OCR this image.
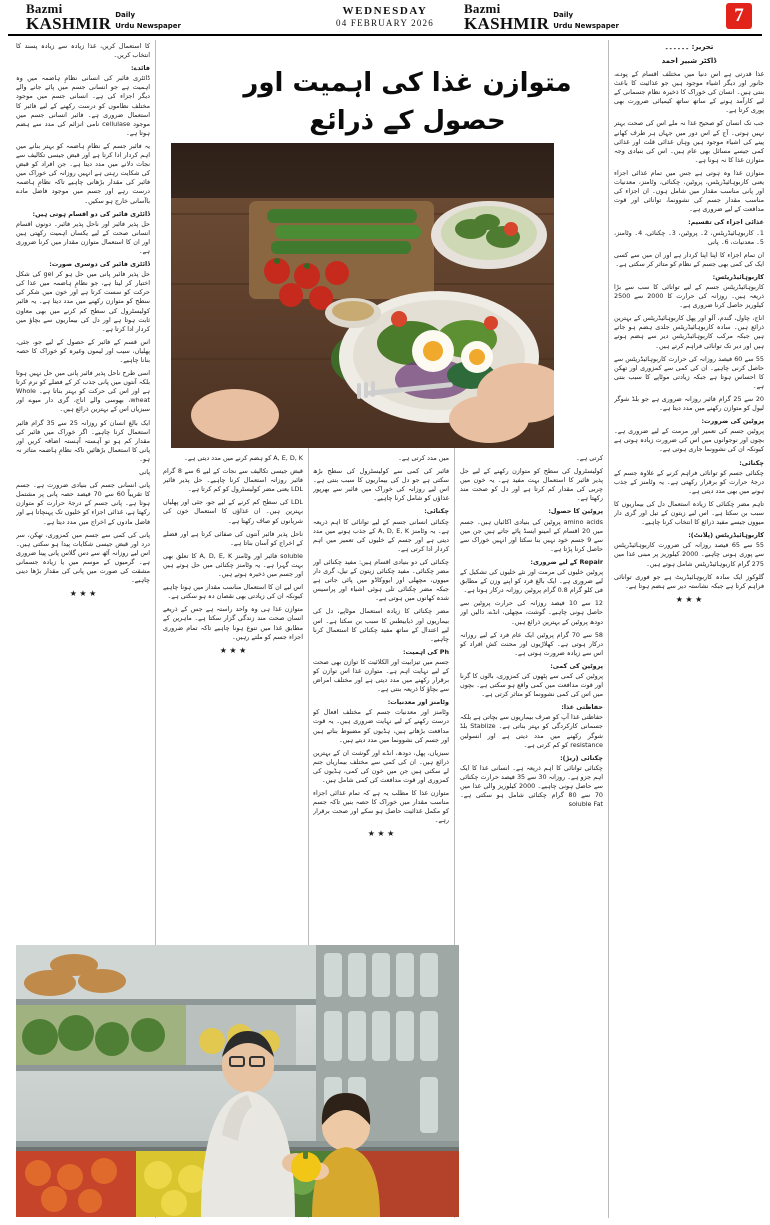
Bazmi
KASHMIR Daily
Urdu Newspaper
WEDNESDAY
04 FEBRUARY 2026
Bazmi
KASHMIR Daily
Urdu Newspaper	7
متوازن غذا کی اہمیت اور حصول کے ذرائع

کا استعمال کریں، غذا زیادہ سے زیادہ پسند کا انتخاب کریں۔

فائدے:

ڈائٹری فائبر کی انسانی نظامِ ہاضمہ میں وہ اہمیت ہے جو انسانی جسم میں پائے جانے والے دیگر اجزاء کی ہے۔ انسانی جسم میں موجود مختلف نظاموں کو درست رکھنے کے لیے فائبر کا استعمال ضروری ہے۔ فائبر انسانی جسم میں موجود cellulase نامی انزائم کی مدد سے ہضم ہوتا ہے۔

یہ فائبر جسم کے نظامِ ہاضمہ کو بہتر بنانے میں اہم کردار ادا کرتا ہے اور قبض جیسی تکالیف سے نجات دلانے میں مدد دیتا ہے۔ جن افراد کو قبض کی شکایت رہتی ہے انہیں روزانہ کی خوراک میں فائبر کی مقدار بڑھانی چاہیے تاکہ نظامِ ہاضمہ درست رہے اور جسم میں موجود فاضل مادے باآسانی خارج ہو سکیں۔

ڈائٹری فائبر کی دو اقسام ہوتی ہیں:

حل پذیر فائبر اور ناحل پذیر فائبر۔ دونوں اقسام انسانی صحت کے لیے یکساں اہمیت رکھتی ہیں اور ان کا استعمال متوازن مقدار میں کرنا ضروری ہے۔

ڈائٹری فائبر کی دوسری صورت:

حل پذیر فائبر پانی میں حل ہو کر gel کی شکل اختیار کر لیتا ہے، جو نظامِ ہاضمہ میں غذا کی حرکت کو سست کرتا ہے اور خون میں شکر کی سطح کو متوازن رکھنے میں مدد دیتا ہے۔ یہ فائبر کولیسٹرول کی سطح کم کرنے میں بھی معاون ثابت ہوتا ہے اور دل کی بیماریوں سے بچاؤ میں کردار ادا کرتا ہے۔

اس قسم کے فائبر کے حصول کے لیے جو، جئی، پھلیاں، سیب اور لیموں وغیرہ کو خوراک کا حصہ بنانا چاہیے۔

اسی طرح ناحل پذیر فائبر پانی میں حل نہیں ہوتا بلکہ آنتوں میں پانی جذب کر کے فضلے کو نرم کرتا ہے اور اس کی حرکت کو بہتر بناتا ہے۔ Whole wheat، بھوسی والے اناج، گری دار میوے اور سبزیاں اس کے بہترین ذرائع ہیں۔

ایک بالغ انسان کو روزانہ 25 سے 35 گرام فائبر استعمال کرنا چاہیے۔ اگر خوراک میں فائبر کی مقدار کم ہو تو آہستہ آہستہ اضافہ کریں اور پانی کا استعمال بڑھائیں تاکہ نظامِ ہاضمہ متاثر نہ ہو۔

پانی

پانی انسانی جسم کی بنیادی ضرورت ہے۔ جسم کا تقریباً 60 سے 70 فیصد حصہ پانی پر مشتمل ہوتا ہے۔ پانی جسم کے درجۂ حرارت کو متوازن رکھتا ہے، غذائی اجزاء کو خلیوں تک پہنچاتا ہے اور فاضل مادوں کے اخراج میں مدد دیتا ہے۔

پانی کی کمی سے جسم میں کمزوری، تھکن، سر درد اور قبض جیسی شکایات پیدا ہو سکتی ہیں۔ اس لیے روزانہ آٹھ سے دس گلاس پانی پینا ضروری ہے۔ گرمیوں کے موسم میں یا زیادہ جسمانی مشقت کی صورت میں پانی کی مقدار بڑھا دینی چاہیے۔

★ ★ ★

میں مدد کرتی ہے۔

فائبر کی کمی سے کولیسٹرول کی سطح بڑھ سکتی ہے جو دل کی بیماریوں کا سبب بنتی ہے۔ اس لیے روزانہ کی خوراک میں فائبر سے بھرپور غذاؤں کو شامل کرنا چاہیے۔

چکنائی:

چکنائی انسانی جسم کے لیے توانائی کا اہم ذریعہ ہے۔ یہ وٹامنز A, D, E, K کے جذب ہونے میں مدد دیتی ہے اور جسم کے خلیوں کی تعمیر میں اہم کردار ادا کرتی ہے۔

چکنائی کی دو بنیادی اقسام ہیں: مفید چکنائی اور مضر چکنائی۔ مفید چکنائی زیتون کے تیل، گری دار میووں، مچھلی اور ایووکاڈو میں پائی جاتی ہے جبکہ مضر چکنائی تلی ہوئی اشیاء اور پراسیس شدہ کھانوں میں ہوتی ہے۔

مضر چکنائی کا زیادہ استعمال موٹاپے، دل کی بیماریوں اور ذیابیطس کا سبب بن سکتا ہے۔ اس لیے اعتدال کے ساتھ مفید چکنائی کا استعمال کرنا چاہیے۔

Ph کی اہمیت:

جسم میں تیزابیت اور الکلائیت کا توازن بھی صحت کے لیے نہایت اہم ہے۔ متوازن غذا اس توازن کو برقرار رکھنے میں مدد دیتی ہے اور مختلف امراض سے بچاؤ کا ذریعہ بنتی ہے۔

وٹامنز اور معدنیات:

وٹامنز اور معدنیات جسم کے مختلف افعال کو درست رکھنے کے لیے نہایت ضروری ہیں۔ یہ قوت مدافعت بڑھاتے ہیں، ہڈیوں کو مضبوط بناتے ہیں اور جسم کی نشوونما میں مدد دیتے ہیں۔

سبزیاں، پھل، دودھ، انڈے اور گوشت ان کے بہترین ذرائع ہیں۔ ان کی کمی سے مختلف بیماریاں جنم لے سکتی ہیں جن میں خون کی کمی، ہڈیوں کی کمزوری اور قوت مدافعت کی کمی شامل ہیں۔

متوازن غذا کا مطلب یہ ہے کہ تمام غذائی اجزاء مناسب مقدار میں خوراک کا حصہ بنیں تاکہ جسم کو مکمل غذائیت حاصل ہو سکے اور صحت برقرار رہے۔

★ ★ ★

A, E, D, K کو ہضم کرنے میں مدد دیتی ہے۔

قبض جیسی تکالیف سے نجات کے لیے 6 سے 8 گرام فائبر روزانہ استعمال کرنا چاہیے۔ حل پذیر فائبر LDL یعنی مضر کولیسٹرول کو کم کرتا ہے۔

LDL کی سطح کم کرنے کے لیے جو، جئی اور پھلیاں بہترین ہیں۔ ان غذاؤں کا استعمال خون کی شریانوں کو صاف رکھتا ہے۔

ناحل پذیر فائبر آنتوں کی صفائی کرتا ہے اور فضلے کے اخراج کو آسان بناتا ہے۔

soluble فائبر اور وٹامنز A, D, E, K کا تعلق بھی بہت گہرا ہے۔ یہ وٹامنز چکنائی میں حل ہوتے ہیں اور جسم میں ذخیرہ ہوتے ہیں۔

اس لیے ان کا استعمال مناسب مقدار میں ہونا چاہیے کیونکہ ان کی زیادتی بھی نقصان دہ ہو سکتی ہے۔

متوازن غذا ہی وہ واحد راستہ ہے جس کے ذریعے انسان صحت مند زندگی گزار سکتا ہے۔ ماہرین کے مطابق غذا میں تنوع ہونا چاہیے تاکہ تمام ضروری اجزاء جسم کو ملتے رہیں۔

★ ★ ★

کرتی ہے۔

کولیسٹرول کی سطح کو متوازن رکھنے کے لیے حل پذیر فائبر کا استعمال بہت مفید ہے۔ یہ خون میں چربی کی مقدار کم کرتا ہے اور دل کو صحت مند رکھتا ہے۔

پروٹین کا حصول:

amino acids پروٹین کی بنیادی اکائیاں ہیں۔ جسم میں 20 اقسام کے امینو ایسڈ پائے جاتے ہیں جن میں سے 9 جسم خود نہیں بنا سکتا اور انہیں خوراک سے حاصل کرنا پڑتا ہے۔

Repair کے لیے ضروری:

پروٹین خلیوں کی مرمت اور نئے خلیوں کی تشکیل کے لیے ضروری ہے۔ ایک بالغ فرد کو اپنے وزن کے مطابق فی کلو گرام 0.8 گرام پروٹین روزانہ درکار ہوتا ہے۔

12 سے 10 فیصد روزانہ کی حرارت پروٹین سے حاصل ہونی چاہیے۔ گوشت، مچھلی، انڈے، دالیں اور دودھ پروٹین کے بہترین ذرائع ہیں۔

58 سے 70 گرام پروٹین ایک عام فرد کے لیے روزانہ درکار ہوتی ہے۔ کھلاڑیوں اور محنت کش افراد کو اس سے زیادہ ضرورت ہوتی ہے۔

پروٹین کی کمی:

پروٹین کی کمی سے پٹھوں کی کمزوری، بالوں کا گرنا اور قوت مدافعت میں کمی واقع ہو سکتی ہے۔ بچوں میں اس کی کمی نشوونما کو متاثر کرتی ہے۔

حفاظتی غذا:

حفاظتی غذا آپ کو صرف بیماریوں سے بچاتی ہے بلکہ جسمانی کارکردگی کو بہتر بناتی ہے۔ Stablize بلڈ شوگر رکھنے میں مدد دیتی ہے اور انسولین resistance کو کم کرتی ہے۔

چکنائی (ربڑ):

چکنائی توانائی کا اہم ذریعہ ہے۔ انسانی غذا کا ایک اہم جزو ہے۔ روزانہ 30 سے 35 فیصد حرارت چکنائی سے حاصل ہونی چاہیے۔ 2000 کیلوریز والی غذا میں 70 سے 80 گرام چکنائی شامل ہو سکتی ہے۔ soluble Fat

تحریر: ۔۔۔۔۔۔

ڈاکٹر شبیر احمد

غذا قدرتی ہے اس دنیا میں مختلف اقسام کے پودے، جانور اور دیگر اشیاء موجود ہیں جو غذائیت کا باعث بنتی ہیں۔ انسان کی خوراک کا ذخیرہ نظام جسمانی کے لیے کارآمد ہونے کے ساتھ ساتھ کیمیائی ضرورت بھی پوری کرتا ہے۔

جب تک انسان کو صحیح غذا نہ ملے اس کی صحت بہتر نہیں ہوتی۔ آج کے اس دور میں جہاں ہر طرف کھانے پینے کی اشیاء موجود ہیں وہاں غذائی قلت اور غذائی کمی جیسے مسائل بھی عام ہیں۔ اس کی بنیادی وجہ متوازن غذا کا نہ ہونا ہے۔

متوازن غذا وہ ہوتی ہے جس میں تمام غذائی اجزاء یعنی کاربوہائیڈریٹس، پروٹین، چکنائی، وٹامنز، معدنیات اور پانی مناسب مقدار میں شامل ہوں۔ ان اجزاء کی مناسب مقدار جسم کی نشوونما، توانائی اور قوت مدافعت کے لیے ضروری ہے۔

غذائی اجزاء کی تقسیم:

1۔ کاربوہائیڈریٹس، 2۔ پروٹین، 3۔ چکنائی، 4۔ وٹامنز، 5۔ معدنیات، 6۔ پانی

ان تمام اجزاء کا اپنا اپنا کردار ہے اور ان میں سے کسی ایک کی کمی بھی جسم کے نظام کو متاثر کر سکتی ہے۔

کاربوہائیڈریٹس:

کاربوہائیڈریٹس جسم کے لیے توانائی کا سب سے بڑا ذریعہ ہیں۔ روزانہ کی حرارت کا 2000 سے 2500 کیلوریز حاصل کرنا ضروری ہے۔

اناج، چاول، گندم، آلو اور پھل کاربوہائیڈریٹس کے بہترین ذرائع ہیں۔ سادہ کاربوہائیڈریٹس جلدی ہضم ہو جاتے ہیں جبکہ مرکب کاربوہائیڈریٹس دیر سے ہضم ہوتے ہیں اور دیر تک توانائی فراہم کرتے ہیں۔

55 سے 60 فیصد روزانہ کی حرارت کاربوہائیڈریٹس سے حاصل کرنی چاہیے۔ ان کی کمی سے کمزوری اور تھکن کا احساس ہوتا ہے جبکہ زیادتی موٹاپے کا سبب بنتی ہے۔

20 سے 25 گرام فائبر روزانہ ضروری ہے جو بلڈ شوگر لیول کو متوازن رکھنے میں مدد دیتا ہے۔

پروٹین کی ضرورت:

پروٹین جسم کی تعمیر اور مرمت کے لیے ضروری ہے۔ بچوں اور نوجوانوں میں اس کی ضرورت زیادہ ہوتی ہے کیونکہ ان کی نشوونما جاری ہوتی ہے۔

چکنائی:

چکنائی جسم کو توانائی فراہم کرنے کے علاوہ جسم کے درجۂ حرارت کو برقرار رکھتی ہے۔ یہ وٹامنز کے جذب ہونے میں بھی مدد دیتی ہے۔

تاہم مضر چکنائی کا زیادہ استعمال دل کی بیماریوں کا سبب بن سکتا ہے۔ اس لیے زیتون کے تیل اور گری دار میووں جیسے مفید ذرائع کا انتخاب کرنا چاہیے۔

کاربوہائیڈریٹس (پلانٹ):

55 سے 65 فیصد روزانہ کی ضرورت کاربوہائیڈریٹس سے پوری ہونی چاہیے۔ 2000 کیلوریز پر مبنی غذا میں 275 گرام کاربوہائیڈریٹس شامل ہوتے ہیں۔

گلوکوز ایک سادہ کاربوہائیڈریٹ ہے جو فوری توانائی فراہم کرتا ہے جبکہ نشاستہ دیر سے ہضم ہوتا ہے۔

★ ★ ★
